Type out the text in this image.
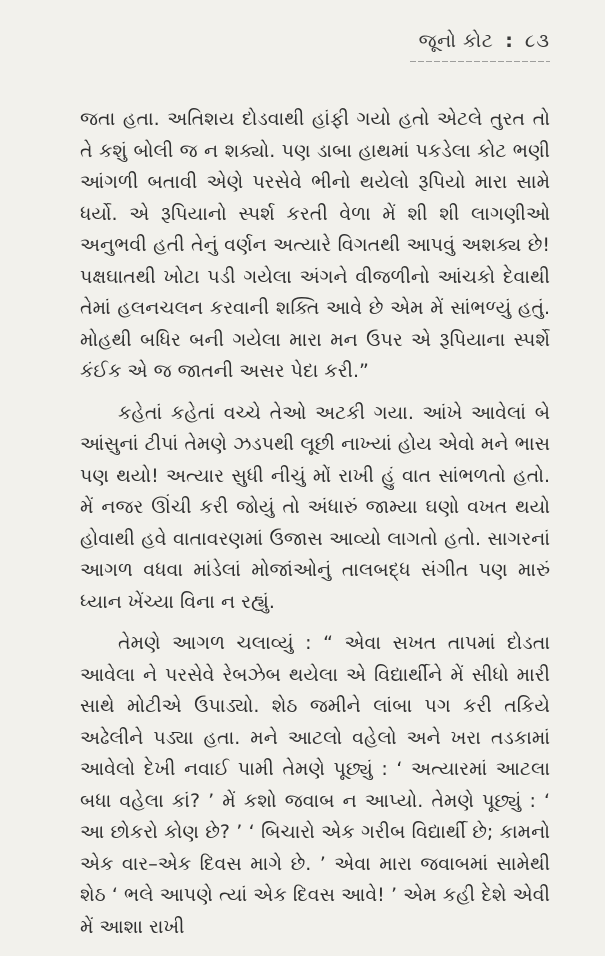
જૂનો કોટ : ૮૩

જતા હતા. અતિશય દોડવાથી હાંફી ગયો હતો એટલે તુરત તો તે કશું બોલી જ ન શક્યો. પણ ડાબા હાથમાં પકડેલા કોટ ભણી આંગળી બતાવી એણે પરસેવે ભીનો થયેલો રૂપિયો મારા સામે ધર્યો. એ રૂપિયાનો સ્પર્શ કરતી વેળા મેં શી શી લાગણીઓ અનુભવી હતી તેનું વર્ણન અત્યારે વિગતથી આપવું અશક્ય છે! પક્ષઘાતથી ખોટા પડી ગયેલા અંગને વીજળીનો આંચકો દેવાથી તેમાં હલનચલન કરવાની શક્તિ આવે છે એમ મેં સાંભળ્યું હતું. મોહથી બધિર બની ગયેલા મારા મન ઉપર એ રૂપિયાના સ્પર્શે કંઈક એ જ જાતની અસર પેદા કરી.”

કહેતાં કહેતાં વચ્ચે તેઓ અટકી ગયા. આંખે આવેલાં બે આંસુનાં ટીપાં તેમણે ઝડપથી લૂછી નાખ્યાં હોય એવો મને ભાસ પણ થયો! અત્યાર સુધી નીચું મોં રાખી હું વાત સાંભળતો હતો. મેં નજર ઊંચી કરી જોયું તો અંધારું જામ્યા ઘણો વખત થયો હોવાથી હવે વાતાવરણમાં ઉજાસ આવ્યો લાગતો હતો. સાગરનાં આગળ વધવા માંડેલાં મોજાંઓનું તાલબદ્ધ સંગીત પણ મારું ધ્યાન ખેંચ્યા વિના ન રહ્યું.

તેમણે આગળ ચલાવ્યું : “ એવા સખત તાપમાં દોડતા આવેલા ને પરસેવે રેબઝેબ થયેલા એ વિદ્યાર્થીને મેં સીધો મારી સાથે મોટીએ ઉપાડ્યો. શેઠ જમીને લાંબા પગ કરી તકિયે અઢેલીને પડ્યા હતા. મને આટલો વહેલો અને ખરા તડકામાં આવેલો દેખી નવાઈ પામી તેમણે પૂછ્યું : ‘ અત્યારમાં આટલા બધા વહેલા કાં? ’ મેં કશો જવાબ ન આપ્યો. તેમણે પૂછ્યું : ‘ આ છોકરો કોણ છે? ’ ‘ બિચારો એક ગરીબ વિદ્યાર્થી છે; કામનો એક વાર–એક દિવસ માગે છે. ’ એવા મારા જવાબમાં સામેથી શેઠ ‘ ભલે આપણે ત્યાં એક દિવસ આવે! ’ એમ કહી દેશે એવી મેં આશા રાખી
